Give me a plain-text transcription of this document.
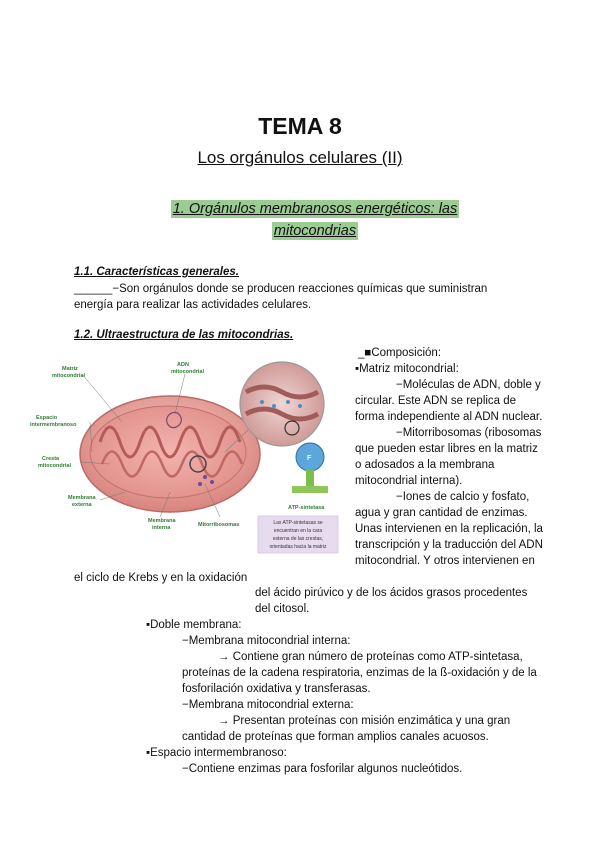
TEMA 8
Los orgánulos celulares (II)
1. Orgánulos membranosos energéticos: las
mitocondrias
1.1. Características generales.
______−Son orgánulos donde se producen reacciones químicas que suministran
energía para realizar las actividades celulares.
1.2. Ultraestructura de las mitocondrias.
F
Las ATP-sintetasas se
encuentran en la cara
externa de las crestas,
orientadas hacia la matriz
Matriz
mitocondrial
ADN
mitocondrial
Espacio
intermembranoso
Cresta
mitocondrial
Membrana
externa
Membrana
interna	Mitorribosomas
ATP-sintetasa
_■Composición:
▪Matriz mitocondrial:
−Moléculas de ADN, doble y
circular. Este ADN se replica de
forma independiente al ADN nuclear.
−Mitorribosomas (ribosomas
que pueden estar libres en la matriz
o adosados a la membrana
mitocondrial interna).
−Iones de calcio y fosfato,
agua y gran cantidad de enzimas.
Unas intervienen en la replicación, la
transcripción y la traducción del ADN
mitocondrial. Y otros intervienen en
el ciclo de Krebs y en la oxidación
del ácido pirúvico y de los ácidos grasos procedentes
del citosol.
▪Doble membrana:
−Membrana mitocondrial interna:
→ Contiene gran número de proteínas como ATP-sintetasa,
proteínas de la cadena respiratoria, enzimas de la ß-oxidación y de la
fosforilación oxidativa y transferasas.
−Membrana mitocondrial externa:
→ Presentan proteínas con misión enzimática y una gran
cantidad de proteínas que forman amplios canales acuosos.
▪Espacio intermembranoso:
−Contiene enzimas para fosforilar algunos nucleótidos.
